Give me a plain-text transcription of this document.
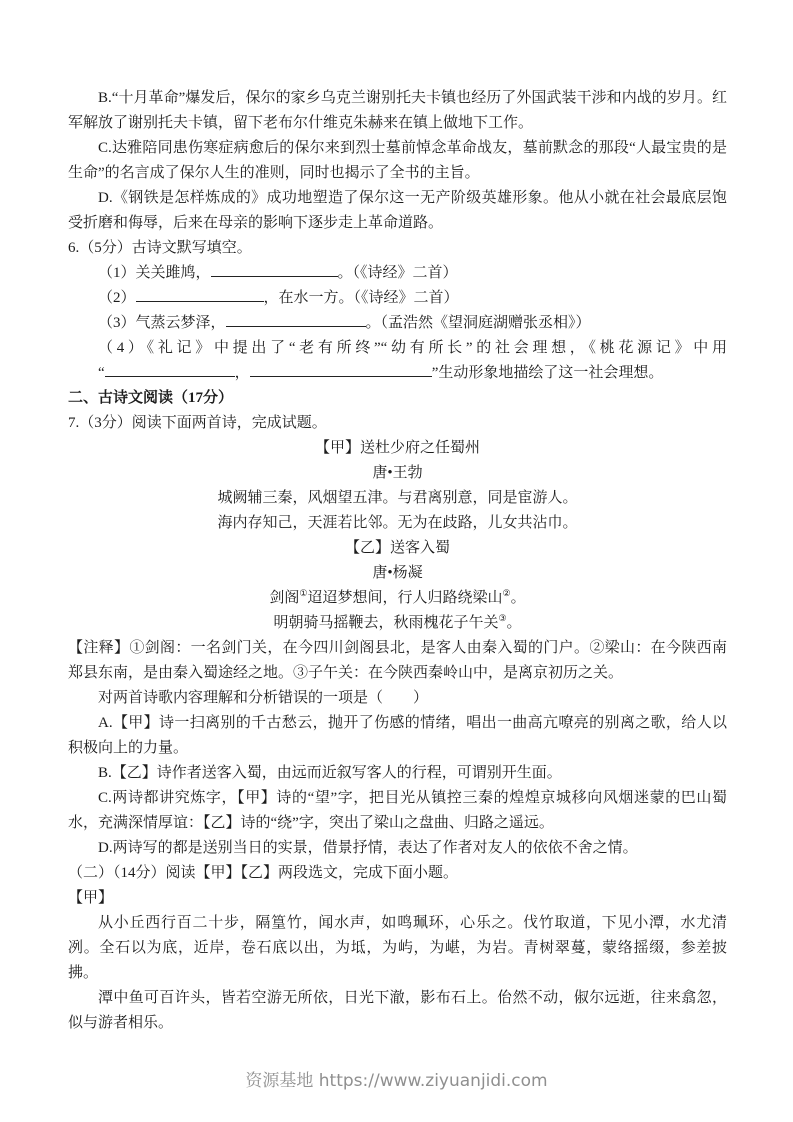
B.“十月革命”爆发后，保尔的家乡乌克兰谢别托夫卡镇也经历了外国武装干涉和内战的岁月。红军解放了谢别托夫卡镇，留下老布尔什维克朱赫来在镇上做地下工作。

C.达雅陪同患伤寒症病愈后的保尔来到烈士墓前悼念革命战友，墓前默念的那段“人最宝贵的是生命”的名言成了保尔人生的准则，同时也揭示了全书的主旨。

D.《钢铁是怎样炼成的》成功地塑造了保尔这一无产阶级英雄形象。他从小就在社会最底层饱受折磨和侮辱，后来在母亲的影响下逐步走上革命道路。

6.（5分）古诗文默写填空。

（1）关关雎鸠，	。（《诗经》二首）

（2）	，在水一方。（《诗经》二首）

（3）气蒸云梦泽，	。（孟浩然《望洞庭湖赠张丞相》）

（4）《礼记》中提出了“老有所终”“幼有所长”的社会理想，《桃花源记》中用

“	，	”生动形象地描绘了这一社会理想。

二、古诗文阅读（17分）

7.（3分）阅读下面两首诗，完成试题。

【甲】送杜少府之任蜀州

唐•王勃

城阙辅三秦，风烟望五津。与君离别意，同是宦游人。

海内存知己，天涯若比邻。无为在歧路，儿女共沾巾。

【乙】送客入蜀

唐•杨凝

剑阁①迢迢梦想间，行人归路绕梁山②。

明朝骑马摇鞭去，秋雨槐花子午关③。

【注释】①剑阁：一名剑门关，在今四川剑阁县北，是客人由秦入蜀的门户。②梁山：在今陕西南郑县东南，是由秦入蜀途经之地。③子午关：在今陕西秦岭山中，是离京初历之关。

对两首诗歌内容理解和分析错误的一项是（　　）

A.【甲】诗一扫离别的千古愁云，抛开了伤感的情绪，唱出一曲高亢嘹亮的别离之歌，给人以积极向上的力量。

B.【乙】诗作者送客入蜀，由远而近叙写客人的行程，可谓别开生面。

C.两诗都讲究炼字，【甲】诗的“望”字，把目光从镇控三秦的煌煌京城移向风烟迷蒙的巴山蜀水，充满深情厚谊：【乙】诗的“绕”字，突出了梁山之盘曲、归路之遥远。

D.两诗写的都是送别当日的实景，借景抒情，表达了作者对友人的依依不舍之情。

（二）（14分）阅读【甲】【乙】两段选文，完成下面小题。

【甲】

从小丘西行百二十步，隔篁竹，闻水声，如鸣珮环，心乐之。伐竹取道，下见小潭，水尤清冽。全石以为底，近岸，卷石底以出，为坻，为屿，为嵁，为岩。青树翠蔓，蒙络摇缀，参差披拂。

潭中鱼可百许头，皆若空游无所依，日光下澈，影布石上。佁然不动，俶尔远逝，往来翕忽，似与游者相乐。

资源基地 https://www.ziyuanjidi.com
